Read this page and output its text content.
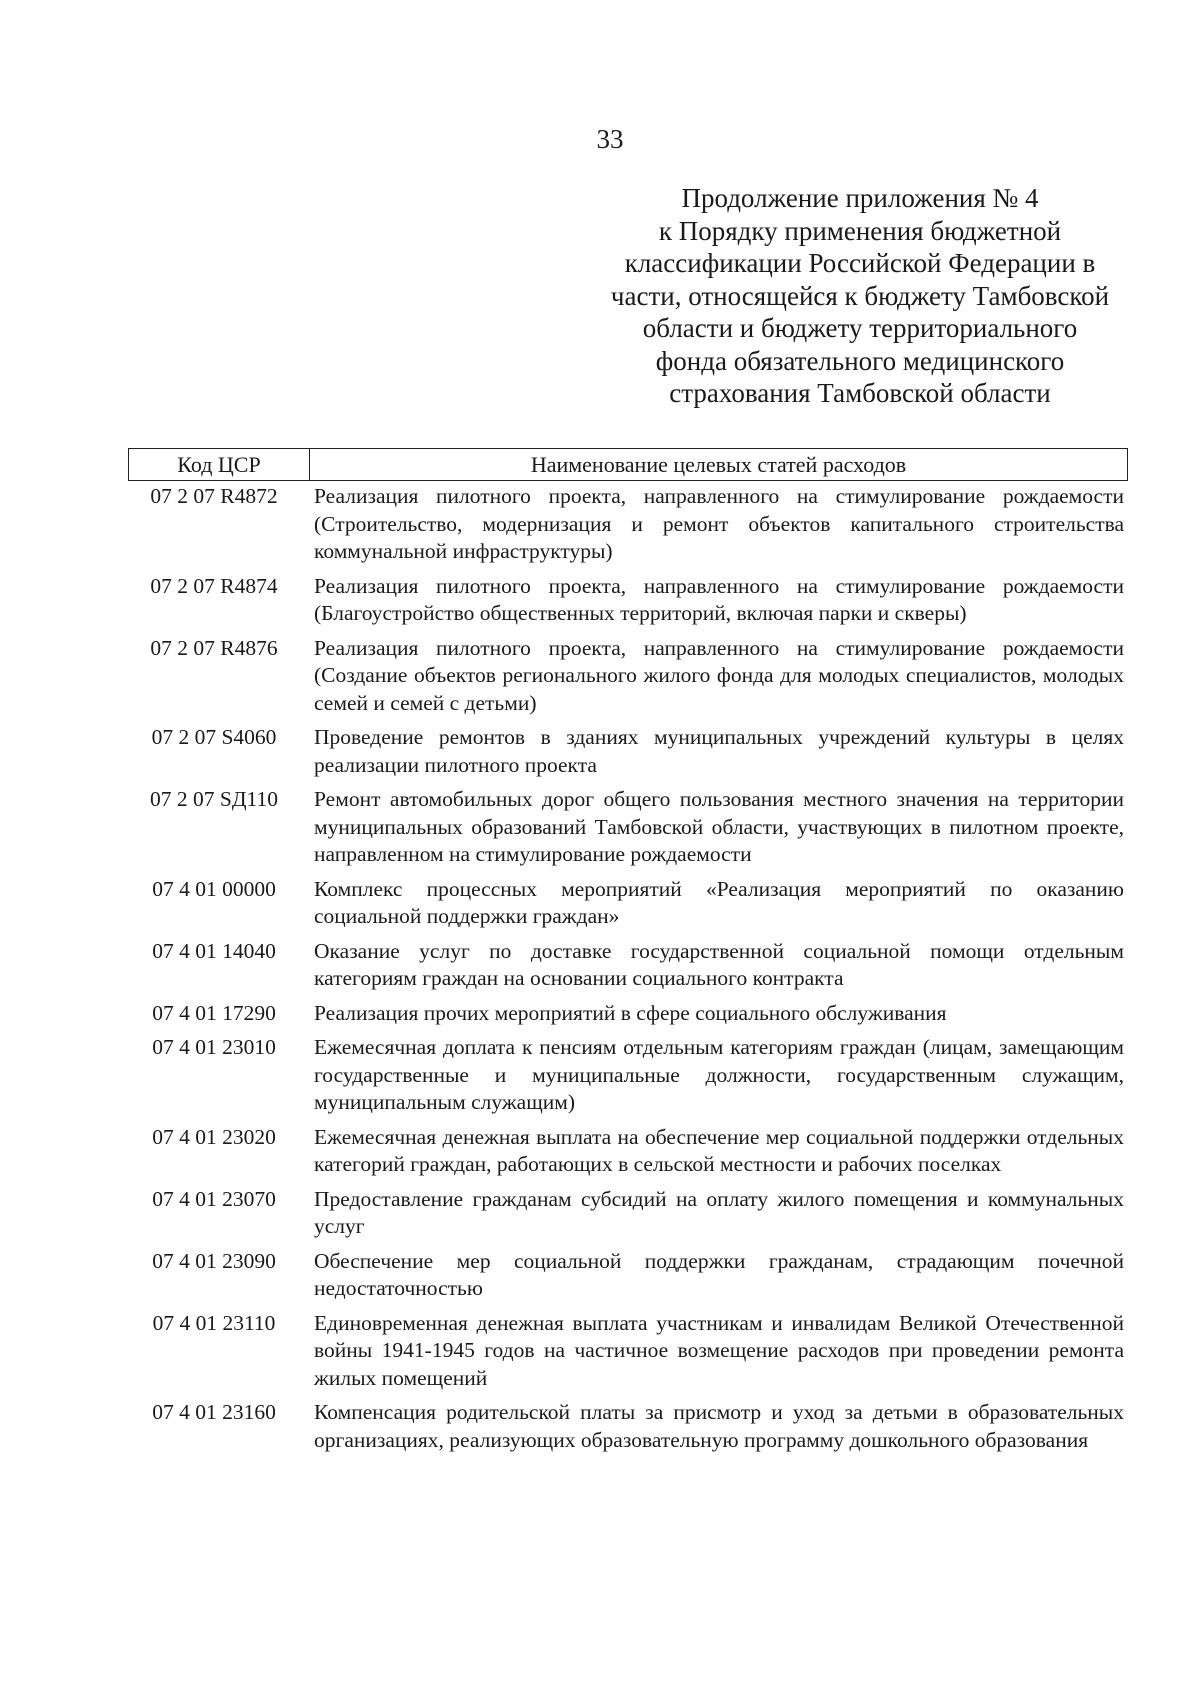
33
Продолжение приложения № 4
к Порядку применения бюджетной
классификации Российской Федерации в
части, относящейся к бюджету Тамбовской
области и бюджету территориального
фонда обязательного медицинского
страхования Тамбовской области
Код ЦСР	Наименование целевых статей расходов
07 2 07 R4872	Реализация пилотного проекта, направленного на стимулирование рождаемости (Строительство, модернизация и ремонт объектов капитального строительства коммунальной инфраструктуры)
07 2 07 R4874	Реализация пилотного проекта, направленного на стимулирование рождаемости (Благоустройство общественных территорий, включая парки и скверы)
07 2 07 R4876	Реализация пилотного проекта, направленного на стимулирование рождаемости (Создание объектов регионального жилого фонда для молодых специалистов, молодых семей и семей с детьми)
07 2 07 S4060	Проведение ремонтов в зданиях муниципальных учреждений культуры в целях реализации пилотного проекта
07 2 07 SД110	Ремонт автомобильных дорог общего пользования местного значения на территории муниципальных образований Тамбовской области, участвующих в пилотном проекте, направленном на стимулирование рождаемости
07 4 01 00000	Комплекс процессных мероприятий «Реализация мероприятий по оказанию социальной поддержки граждан»
07 4 01 14040	Оказание услуг по доставке государственной социальной помощи отдельным категориям граждан на основании социального контракта
07 4 01 17290	Реализация прочих мероприятий в сфере социального обслуживания
07 4 01 23010	Ежемесячная доплата к пенсиям отдельным категориям граждан (лицам, замещающим государственные и муниципальные должности, государственным служащим, муниципальным служащим)
07 4 01 23020	Ежемесячная денежная выплата на обеспечение мер социальной поддержки отдельных категорий граждан, работающих в сельской местности и рабочих поселках
07 4 01 23070	Предоставление гражданам субсидий на оплату жилого помещения и коммунальных услуг
07 4 01 23090	Обеспечение мер социальной поддержки гражданам, страдающим почечной недостаточностью
07 4 01 23110	Единовременная денежная выплата участникам и инвалидам Великой Отечественной войны 1941-1945 годов на частичное возмещение расходов при проведении ремонта жилых помещений
07 4 01 23160	Компенсация родительской платы за присмотр и уход за детьми в образовательных организациях, реализующих образовательную программу дошкольного образования
